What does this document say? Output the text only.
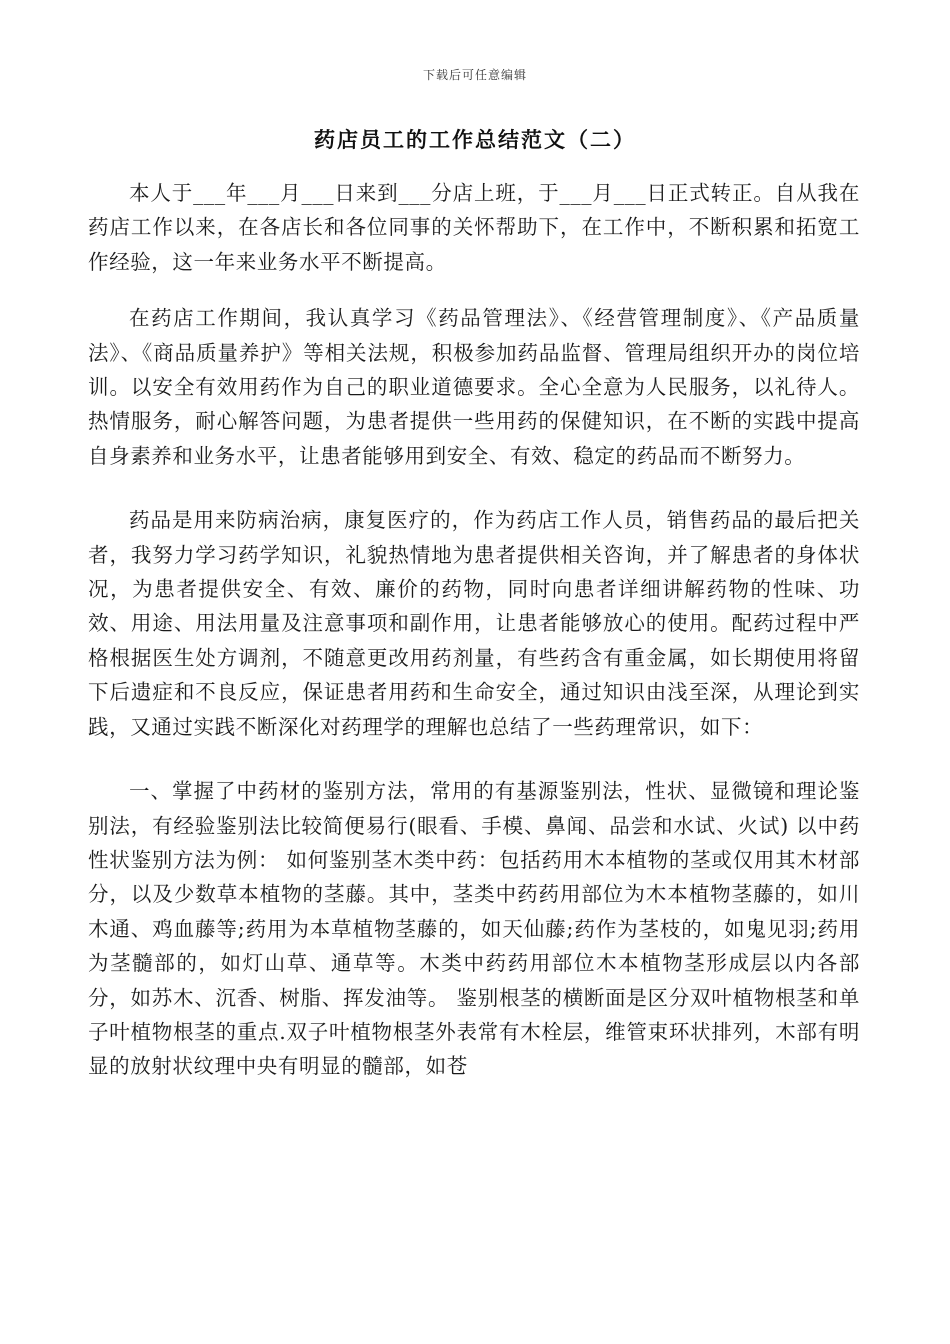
下载后可任意编辑
药店员工的工作总结范文（二）

本人于___年___月___日来到___分店上班，于___月___日正式转正。自从我在药店工作以来，在各店长和各位同事的关怀帮助下，在工作中，不断积累和拓宽工作经验，这一年来业务水平不断提高。

在药店工作期间，我认真学习《药品管理法》、《经营管理制度》、《产品质量法》、《商品质量养护》等相关法规，积极参加药品监督、管理局组织开办的岗位培训。以安全有效用药作为自己的职业道德要求。全心全意为人民服务，以礼待人。热情服务，耐心解答问题，为患者提供一些用药的保健知识，在不断的实践中提高自身素养和业务水平，让患者能够用到安全、有效、稳定的药品而不断努力。

药品是用来防病治病，康复医疗的，作为药店工作人员，销售药品的最后把关者，我努力学习药学知识，礼貌热情地为患者提供相关咨询，并了解患者的身体状况，为患者提供安全、有效、廉价的药物，同时向患者详细讲解药物的性味、功效、用途、用法用量及注意事项和副作用，让患者能够放心的使用。配药过程中严格根据医生处方调剂，不随意更改用药剂量，有些药含有重金属，如长期使用将留下后遗症和不良反应，保证患者用药和生命安全，通过知识由浅至深，从理论到实践，又通过实践不断深化对药理学的理解也总结了一些药理常识，如下：

一、掌握了中药材的鉴别方法，常用的有基源鉴别法，性状、显微镜和理论鉴别法，有经验鉴别法比较简便易行(眼看、手模、鼻闻、品尝和水试、火试) 以中药性状鉴别方法为例： 如何鉴别茎木类中药：包括药用木本植物的茎或仅用其木材部分，以及少数草本植物的茎藤。其中，茎类中药药用部位为木本植物茎藤的，如川木通、鸡血藤等;药用为本草植物茎藤的，如天仙藤;药作为茎枝的，如鬼见羽;药用为茎髓部的，如灯山草、通草等。木类中药药用部位木本植物茎形成层以内各部分，如苏木、沉香、树脂、挥发油等。 鉴别根茎的横断面是区分双叶植物根茎和单子叶植物根茎的重点.双子叶植物根茎外表常有木栓层，维管束环状排列，木部有明显的放射状纹理中央有明显的髓部，如苍
